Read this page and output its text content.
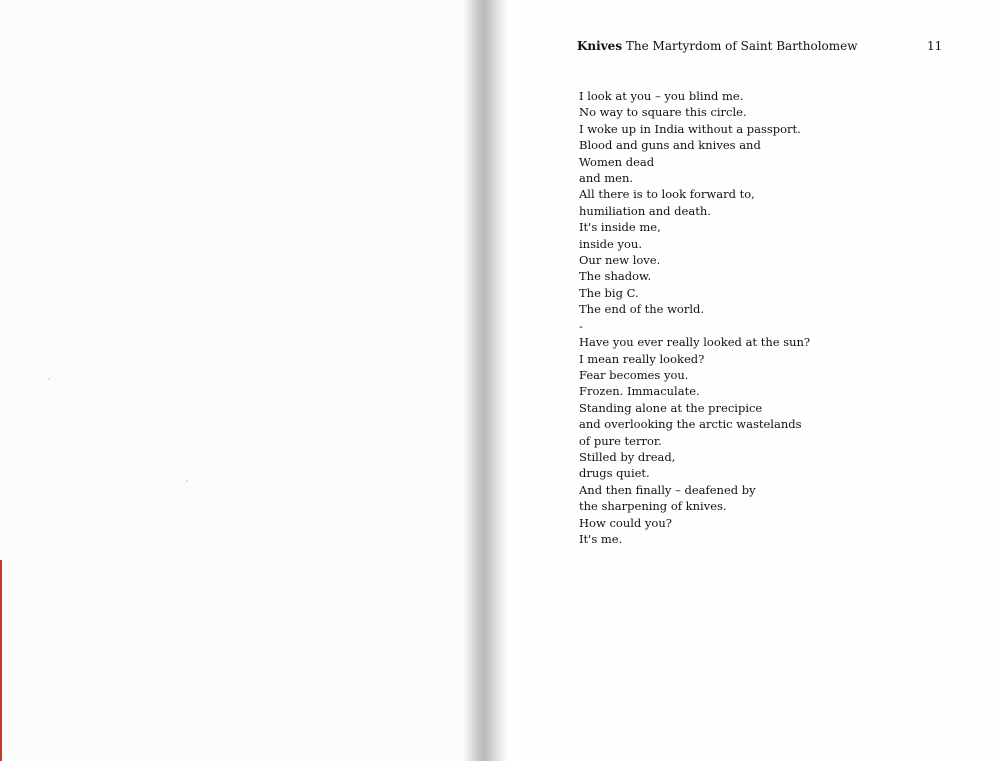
Knives The Martyrdom of Saint Bartholomew	11
I look at you – you blind me.
No way to square this circle.
I woke up in India without a passport.
Blood and guns and knives and
Women dead
and men.
All there is to look forward to,
humiliation and death.
It's inside me,
inside you.
Our new love.
The shadow.
The big C.
The end of the world.
-
Have you ever really looked at the sun?
I mean really looked?
Fear becomes you.
Frozen. Immaculate.
Standing alone at the precipice
and overlooking the arctic wastelands
of pure terror.
Stilled by dread,
drugs quiet.
And then finally – deafened by
the sharpening of knives.
How could you?
It's me.
